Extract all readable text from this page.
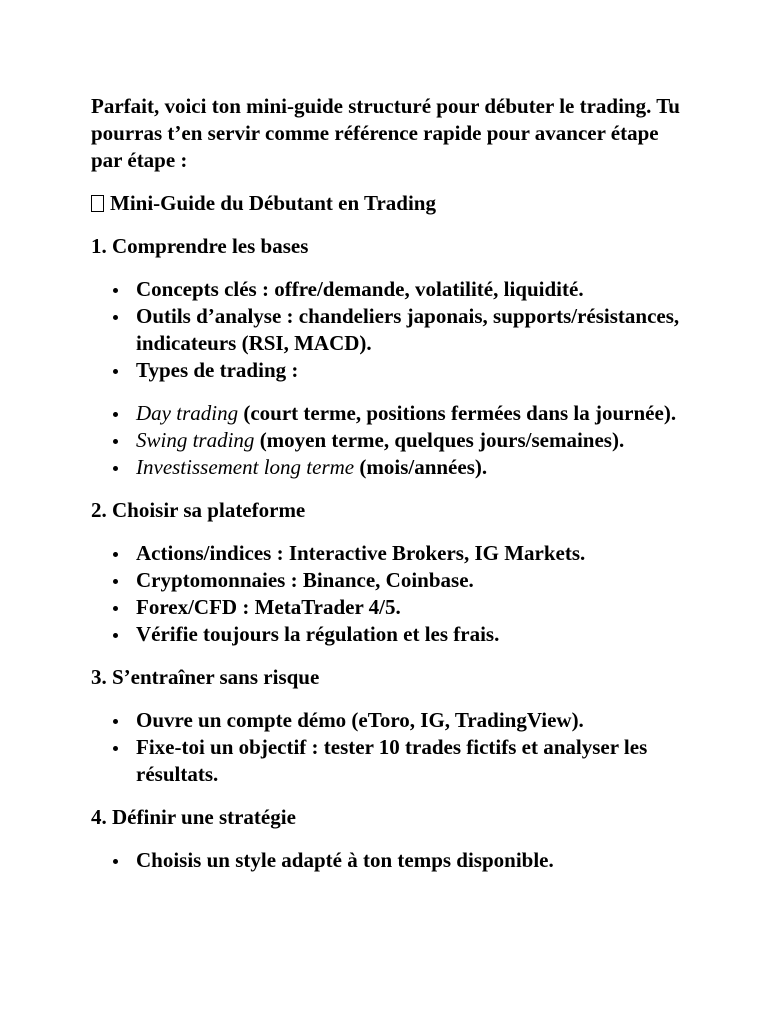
Parfait, voici ton mini-guide structuré pour débuter le trading. Tu pourras t’en servir comme référence rapide pour avancer étape par étape :

Mini-Guide du Débutant en Trading

1. Comprendre les bases

Concepts clés : offre/demande, volatilité, liquidité.
Outils d’analyse : chandeliers japonais, supports/résistances, indicateurs (RSI, MACD).
Types de trading :
Day trading (court terme, positions fermées dans la journée).
Swing trading (moyen terme, quelques jours/semaines).
Investissement long terme (mois/années).

2. Choisir sa plateforme

Actions/indices : Interactive Brokers, IG Markets.
Cryptomonnaies : Binance, Coinbase.
Forex/CFD : MetaTrader 4/5.
Vérifie toujours la régulation et les frais.

3. S’entraîner sans risque

Ouvre un compte démo (eToro, IG, TradingView).
Fixe-toi un objectif : tester 10 trades fictifs et analyser les résultats.

4. Définir une stratégie

Choisis un style adapté à ton temps disponible.
